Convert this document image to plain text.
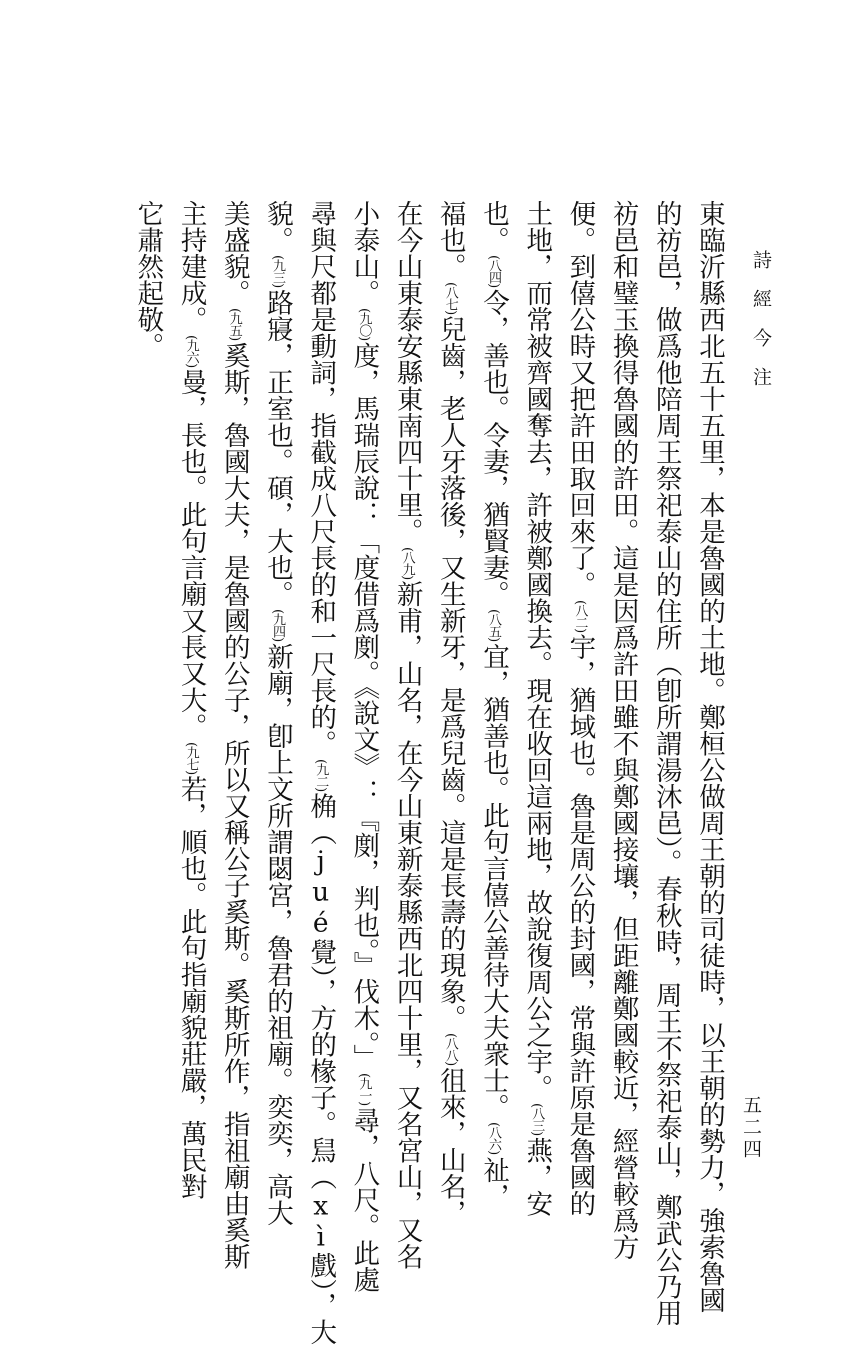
詩經今注
五二四
東臨沂縣西北五十五里，本是魯國的土地。鄭桓公做周王朝的司徒時，以王朝的勢力，強索魯國
的祊邑，做爲他陪周王祭祀泰山的住所（卽所謂湯沐邑）。春秋時，周王不祭祀泰山，鄭武公乃用
祊邑和璧玉換得魯國的許田。這是因爲許田雖不與鄭國接壤，但距離鄭國較近，經營較爲方
便。到僖公時又把許田取回來了。(八二)宇，猶域也。魯是周公的封國，常與許原是魯國的
土地，而常被齊國奪去，許被鄭國換去。現在收回這兩地，故說復周公之宇。(八三)燕，安
也。(八四)令，善也。令妻，猶賢妻。(八五)宜，猶善也。此句言僖公善待大夫衆士。(八六)祉，
福也。(八七)兒齒，老人牙落後，又生新牙，是爲兒齒。這是長壽的現象。(八八)徂來，山名，
在今山東泰安縣東南四十里。(八九)新甫，山名，在今山東新泰縣西北四十里，又名宮山，又名
小泰山。(九〇)度，馬瑞辰說：「度借爲剫。《說文》：『剫，判也。』伐木。」(九一)尋，八尺。此處
尋與尺都是動詞，指截成八尺長的和一尺長的。(九二)桷（jué覺），方的椽子。舃（xì戲），大
貌。(九三)路寢，正室也。碩，大也。(九四)新廟，卽上文所謂閟宮，魯君的祖廟。奕奕，高大
美盛貌。(九五)奚斯，魯國大夫，是魯國的公子，所以又稱公子奚斯。奚斯所作，指祖廟由奚斯
主持建成。(九六)曼，長也。此句言廟又長又大。(九七)若，順也。此句指廟貌莊嚴，萬民對
它肅然起敬。
